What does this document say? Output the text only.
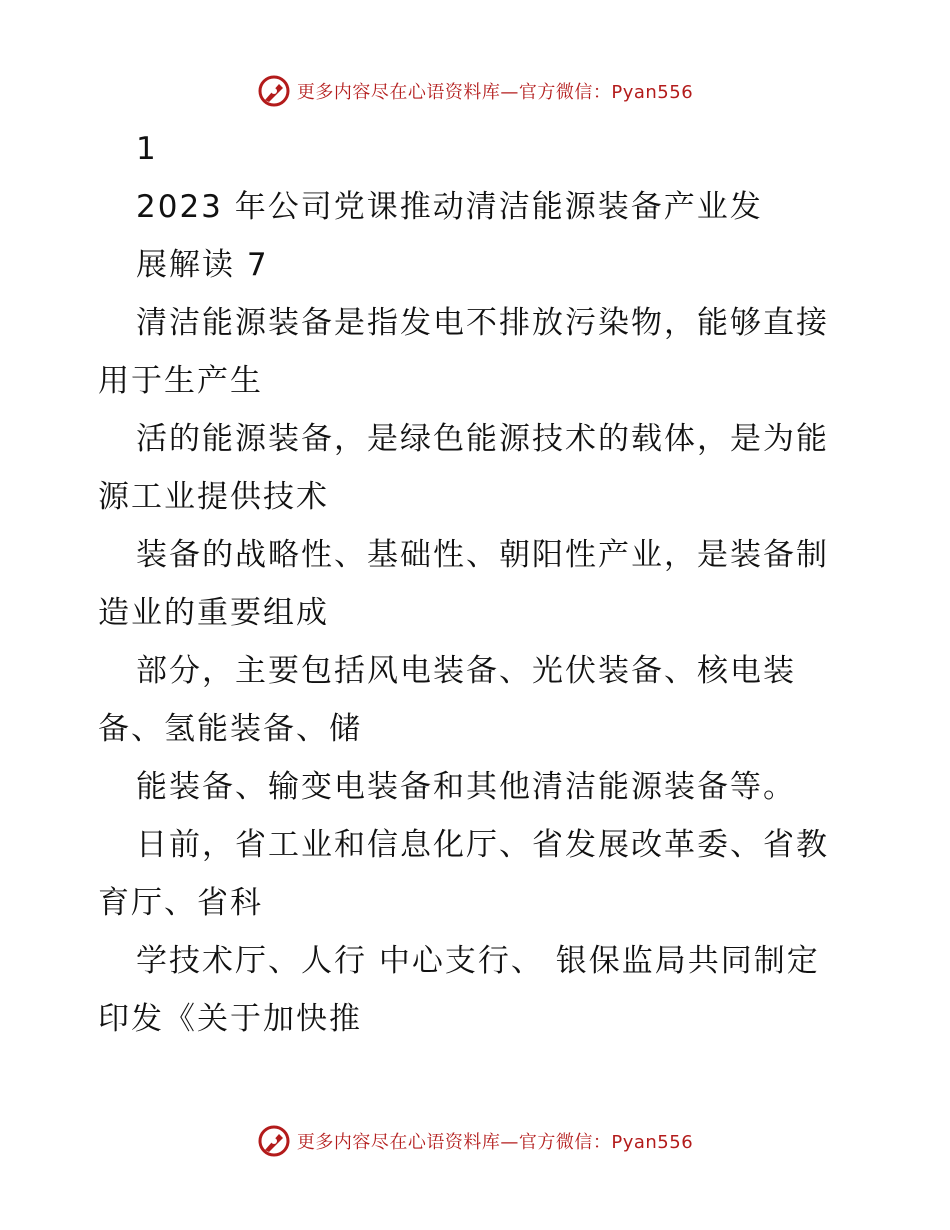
更多内容尽在心语资料库—官方微信：Pyan556
1
2023 年公司党课推动清洁能源装备产业发
展解读 7
清洁能源装备是指发电不排放污染物，能够直接
用于生产生
活的能源装备，是绿色能源技术的载体，是为能
源工业提供技术
装备的战略性、基础性、朝阳性产业，是装备制
造业的重要组成
部分，主要包括风电装备、光伏装备、核电装
备、氢能装备、储
能装备、输变电装备和其他清洁能源装备等。
日前，省工业和信息化厅、省发展改革委、省教
育厅、省科
学技术厅、人行 中心支行、 银保监局共同制定
印发《关于加快推
更多内容尽在心语资料库—官方微信：Pyan556
